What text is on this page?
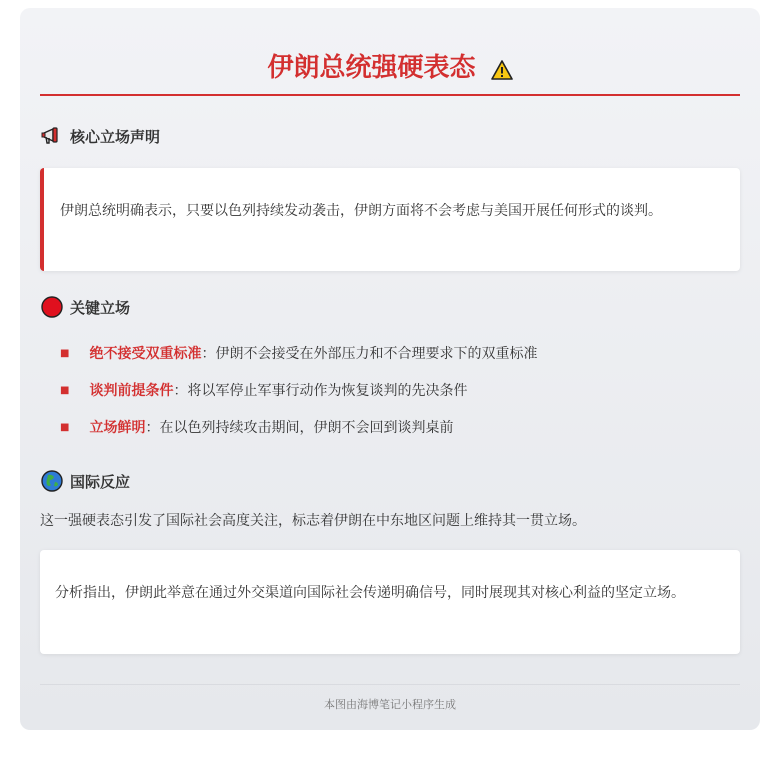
伊朗总统强硬表态
核心立场声明
伊朗总统明确表示，只要以色列持续发动袭击，伊朗方面将不会考虑与美国开展任何形式的谈判。
关键立场
■ 绝不接受双重标准：伊朗不会接受在外部压力和不合理要求下的双重标准
■ 谈判前提条件：将以军停止军事行动作为恢复谈判的先决条件
■ 立场鲜明：在以色列持续攻击期间，伊朗不会回到谈判桌前
国际反应
这一强硬表态引发了国际社会高度关注，标志着伊朗在中东地区问题上维持其一贯立场。
分析指出，伊朗此举意在通过外交渠道向国际社会传递明确信号，同时展现其对核心利益的坚定立场。
本图由海博笔记小程序生成
